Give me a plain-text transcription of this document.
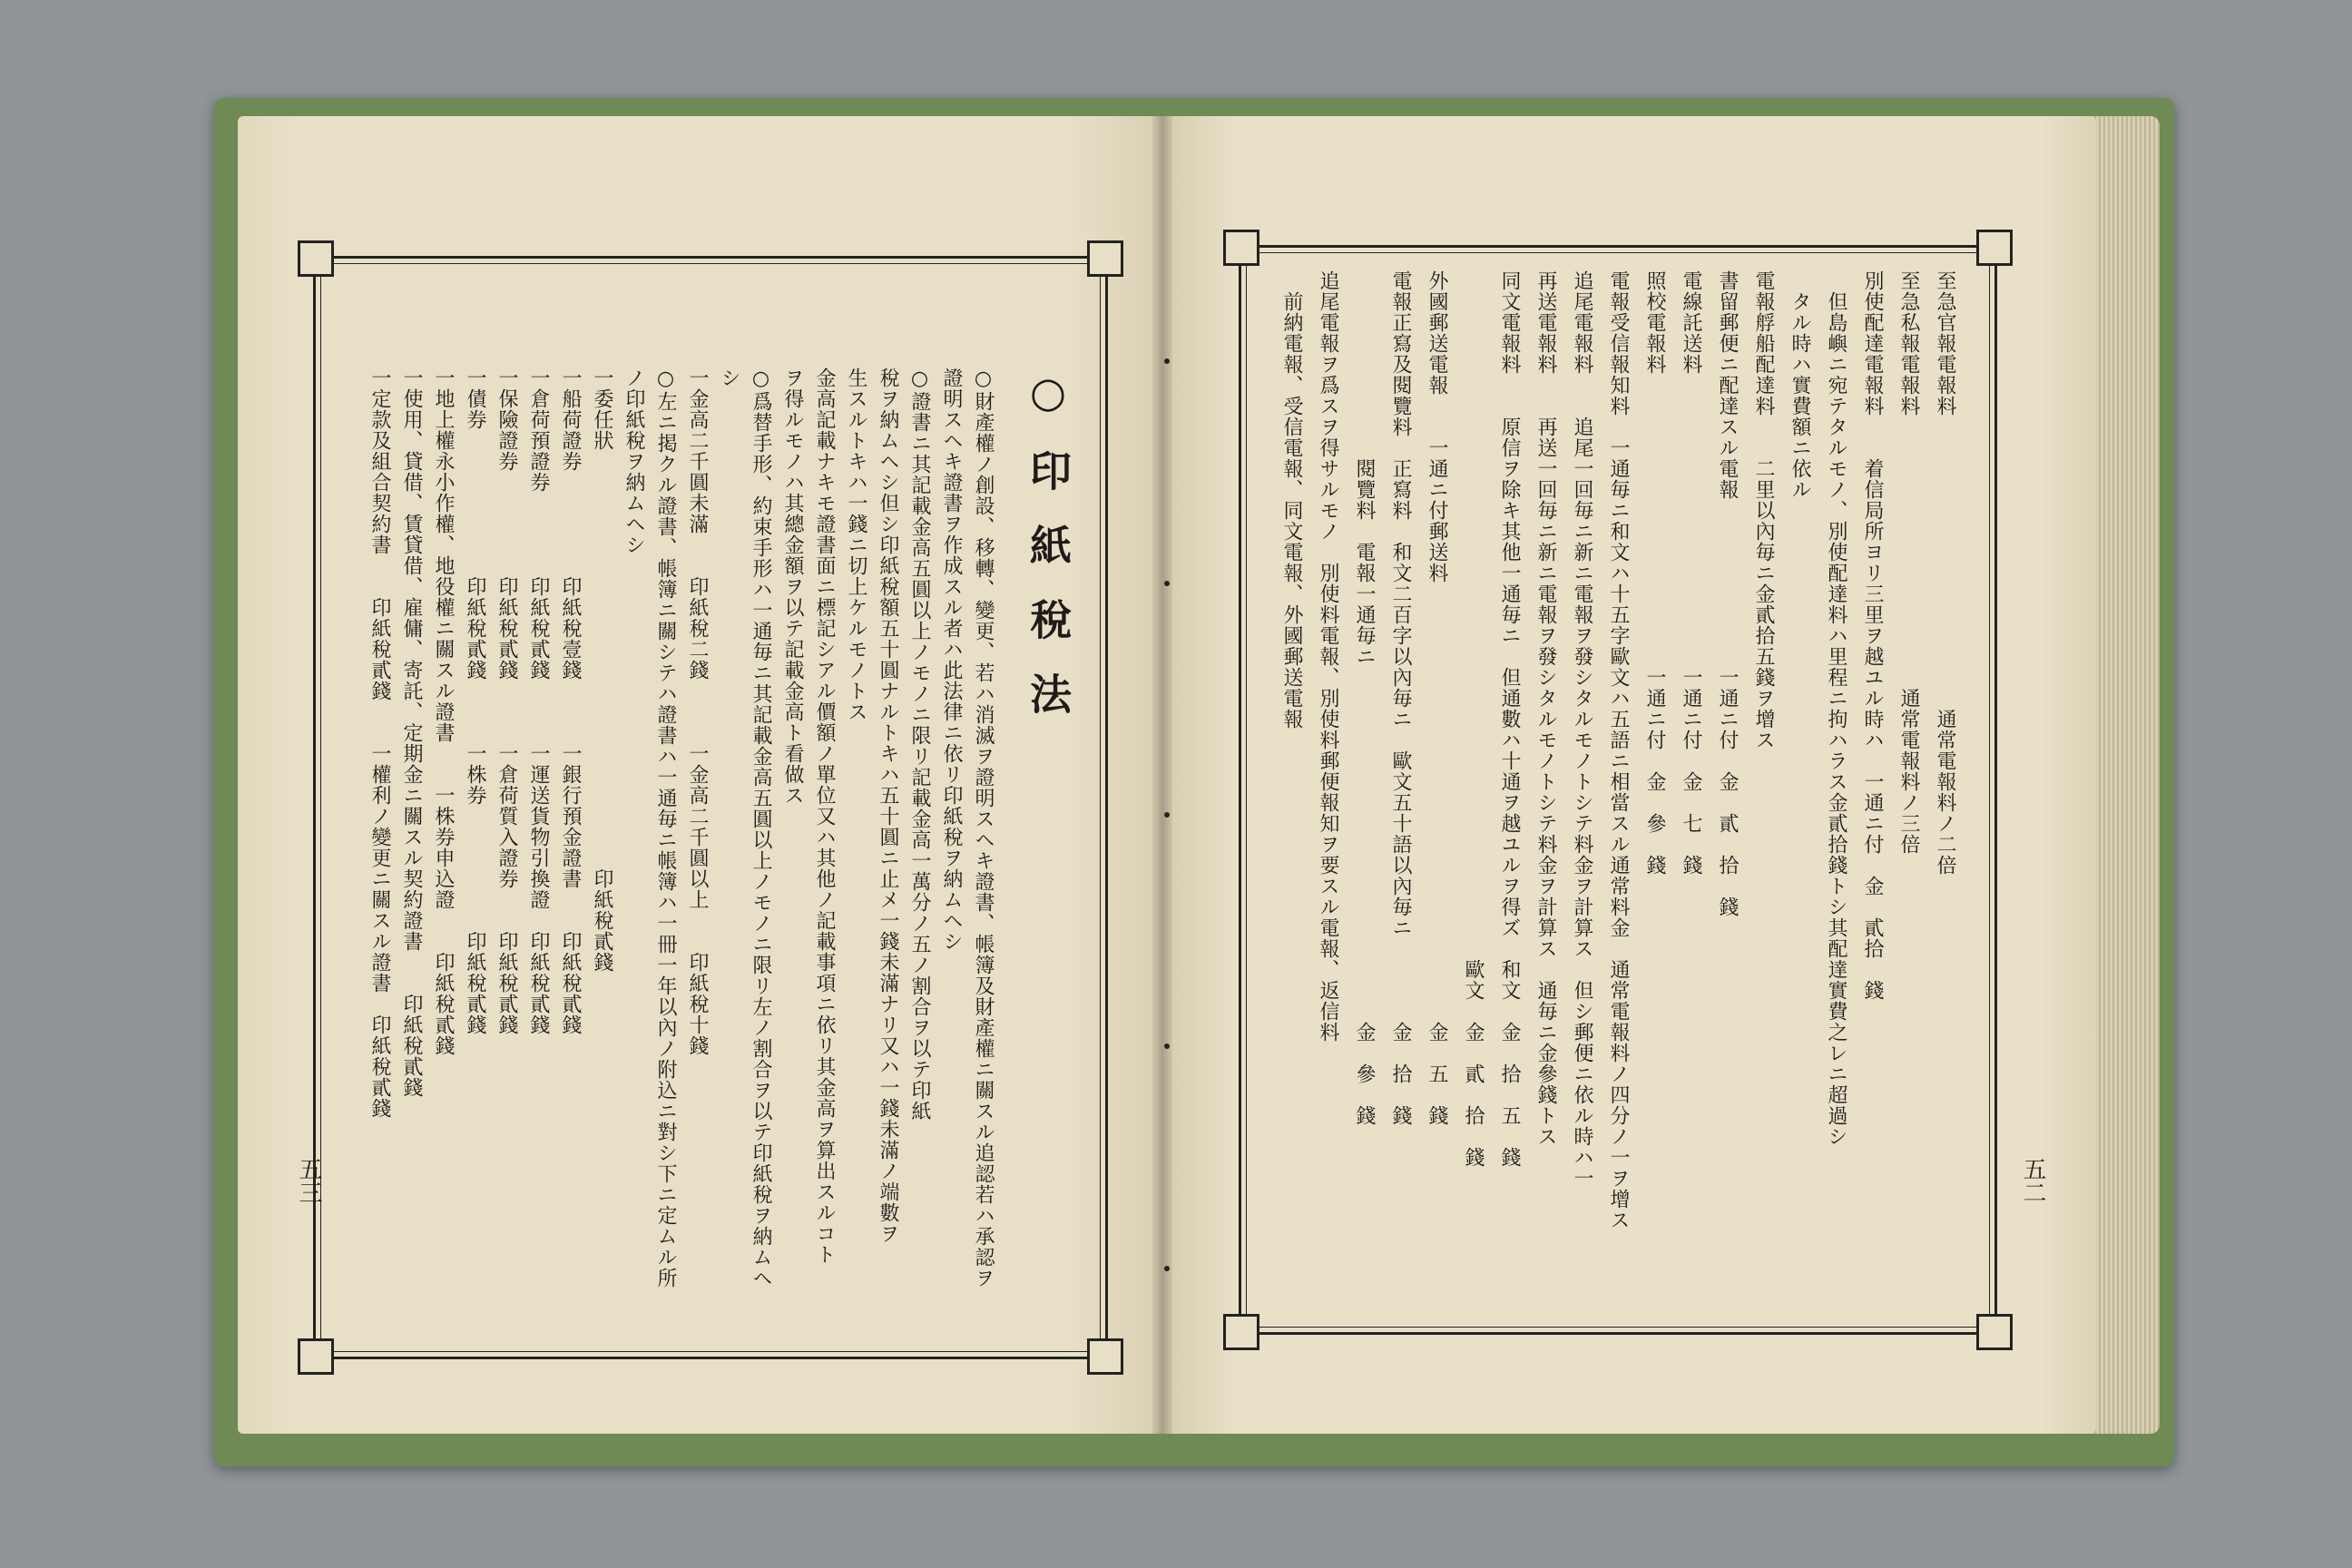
○印紙稅法
○財產權ノ創設、移轉、變更、若ハ消滅ヲ證明スヘキ證書、帳簿及財產權ニ關スル追認若ハ承認ヲ
證明スヘキ證書ヲ作成スル者ハ此法律ニ依リ印紙稅ヲ納ムヘシ
○證書ニ其記載金高五圓以上ノモノニ限リ記載金高一萬分ノ五ノ割合ヲ以テ印紙
稅ヲ納ムヘシ但シ印紙稅額五十圓ナルトキハ五十圓ニ止メ一錢未滿ナリ又ハ一錢未滿ノ端數ヲ
生スルトキハ一錢ニ切上ケルモノトス
金高記載ナキモ證書面ニ標記シアル價額ノ單位又ハ其他ノ記載事項ニ依リ其金高ヲ算出スルコト
ヲ得ルモノハ其總金額ヲ以テ記載金高ト看做ス
○爲替手形、約束手形ハ一通毎ニ其記載金高五圓以上ノモノニ限リ左ノ割合ヲ以テ印紙稅ヲ納ムヘ
シ
一金高二千圓未滿　　印紙稅二錢　　　一金高二千圓以上　　印紙稅十錢
○左ニ掲クル證書、帳簿ニ關シテハ證書ハ一通毎ニ帳簿ハ一冊一年以內ノ附込ニ對シ下ニ定ムル所
ノ印紙稅ヲ納ムヘシ
一委任狀　　　　　　　　　　　　　　　　　　　　印紙稅貳錢
一船荷證券　　　　　印紙稅壹錢　　　一銀行預金證書　　印紙稅貳錢
一倉荷預證券　　　　印紙稅貳錢　　　一運送貨物引換證　印紙稅貳錢
一保險證券　　　　　印紙稅貳錢　　　一倉荷質入證券　　印紙稅貳錢
一債券　　　　　　　印紙稅貳錢　　　一株券　　　　　　印紙稅貳錢
一地上權永小作權、地役權ニ關スル證書　　一株券申込證　　印紙稅貳錢
一使用、貸借、賃貸借、雇傭、寄託、定期金ニ關スル契約證書　　印紙稅貳錢
一定款及組合契約書　　印紙稅貳錢　　一權利ノ變更ニ關スル證書　印紙稅貳錢
五三
至急官報電報料　　　　　　　　　　　　　　通常電報料ノ二倍
至急私報電報料　　　　　　　　　　　　　通常電報料ノ三倍
別使配達電報料　　着信局所ヨリ三里ヲ越ユル時ハ　一通ニ付　金　貳拾　錢
　但島嶼ニ宛テタルモノ、別使配達料ハ里程ニ拘ハラス金貳拾錢トシ其配達實費之レニ超過シ
　タル時ハ實費額ニ依ル
電報艀船配達料　　二里以內毎ニ金貳拾五錢ヲ增ス
書留郵便ニ配達スル電報　　　　　　　　一通ニ付　金　貳　拾　錢
電線託送料　　　　　　　　　　　　　　一通ニ付　金　七　錢
照校電報料　　　　　　　　　　　　　　一通ニ付　金　參　錢
電報受信報知料　一通毎ニ和文ハ十五字歐文ハ五語ニ相當スル通常料金　通常電報料ノ四分ノ一ヲ增ス
追尾電報料　　追尾一回毎ニ新ニ電報ヲ發シタルモノトシテ料金ヲ計算ス　但シ郵便ニ依ル時ハ一
再送電報料　　再送一回毎ニ新ニ電報ヲ發シタルモノトシテ料金ヲ計算ス　通毎ニ金參錢トス
同文電報料　　原信ヲ除キ其他一通毎ニ　但通數ハ十通ヲ越ユルヲ得ズ　和文　金　拾　五　錢
　　　　　　　　　　　　　　　　　　　　　　　　　　　　　　　　　歐文　金　貳　拾　錢
外國郵送電報　　一通ニ付郵送料　　　　　　　　　　　　　　　　　　　　　金　五　錢
電報正寫及閱覽料　正寫料　和文二百字以內毎ニ　歐文五十語以內毎ニ　　　　金　拾　錢
　　　　　　　　　閱覽料　電報一通毎ニ　　　　　　　　　　　　　　　　　金　參　錢
追尾電報ヲ爲スヲ得サルモノ　別使料電報、別使料郵便報知ヲ要スル電報、返信料
　前納電報、受信電報、同文電報、外國郵送電報
五二
